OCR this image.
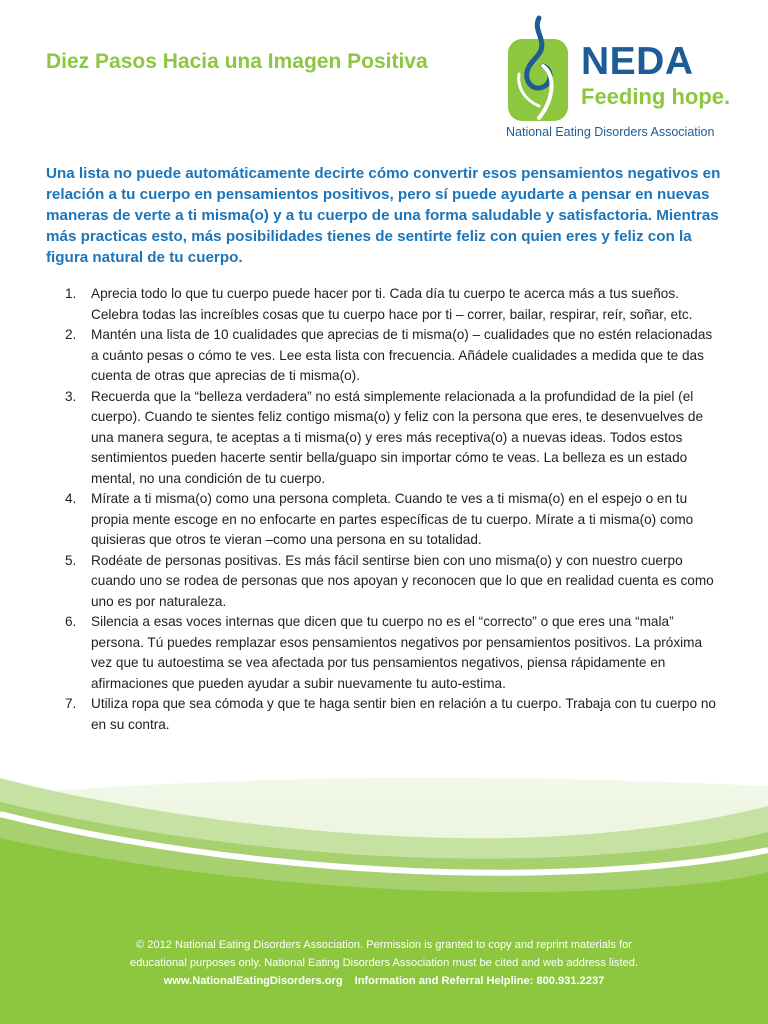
Diez Pasos Hacia una Imagen Positiva	NEDA
Feeding hope.
National Eating Disorders Association

Una lista no puede automáticamente decirte cómo convertir esos pensamientos negativos en relación a tu cuerpo en pensamientos positivos, pero sí puede ayudarte a pensar en nuevas maneras de verte a ti misma(o) y a tu cuerpo de una forma saludable y satisfactoria. Mientras más practicas esto, más posibilidades tienes de sentirte feliz con quien eres y feliz con la figura natural de tu cuerpo.

1. Aprecia todo lo que tu cuerpo puede hacer por ti. Cada día tu cuerpo te acerca más a tus sueños. Celebra todas las increíbles cosas que tu cuerpo hace por ti – correr, bailar, respirar, reír, soñar, etc.
2. Mantén una lista de 10 cualidades que aprecias de ti misma(o) – cualidades que no estén relacionadas a cuánto pesas o cómo te ves. Lee esta lista con frecuencia. Añádele cualidades a medida que te das cuenta de otras que aprecias de ti misma(o).
3. Recuerda que la “belleza verdadera” no está simplemente relacionada a la profundidad de la piel (el cuerpo). Cuando te sientes feliz contigo misma(o) y feliz con la persona que eres, te desenvuelves de una manera segura, te aceptas a ti misma(o) y eres más receptiva(o) a nuevas ideas. Todos estos sentimientos pueden hacerte sentir bella/guapo sin importar cómo te veas. La belleza es un estado mental, no una condición de tu cuerpo.
4. Mírate a ti misma(o) como una persona completa. Cuando te ves a ti misma(o) en el espejo o en tu propia mente escoge en no enfocarte en partes específicas de tu cuerpo. Mírate a ti misma(o) como quisieras que otros te vieran –como una persona en su totalidad.
5. Rodéate de personas positivas. Es más fácil sentirse bien con uno misma(o) y con nuestro cuerpo cuando uno se rodea de personas que nos apoyan y reconocen que lo que en realidad cuenta es como uno es por naturaleza.
6. Silencia a esas voces internas que dicen que tu cuerpo no es el “correcto” o que eres una “mala” persona. Tú puedes remplazar esos pensamientos negativos por pensamientos positivos. La próxima vez que tu autoestima se vea afectada por tus pensamientos negativos, piensa rápidamente en afirmaciones que pueden ayudar a subir nuevamente tu auto-estima.
7. Utiliza ropa que sea cómoda y que te haga sentir bien en relación a tu cuerpo. Trabaja con tu cuerpo no en su contra.
© 2012 National Eating Disorders Association. Permission is granted to copy and reprint materials for
educational purposes only. National Eating Disorders Association must be cited and web address listed.
www.NationalEatingDisorders.org Information and Referral Helpline: 800.931.2237
